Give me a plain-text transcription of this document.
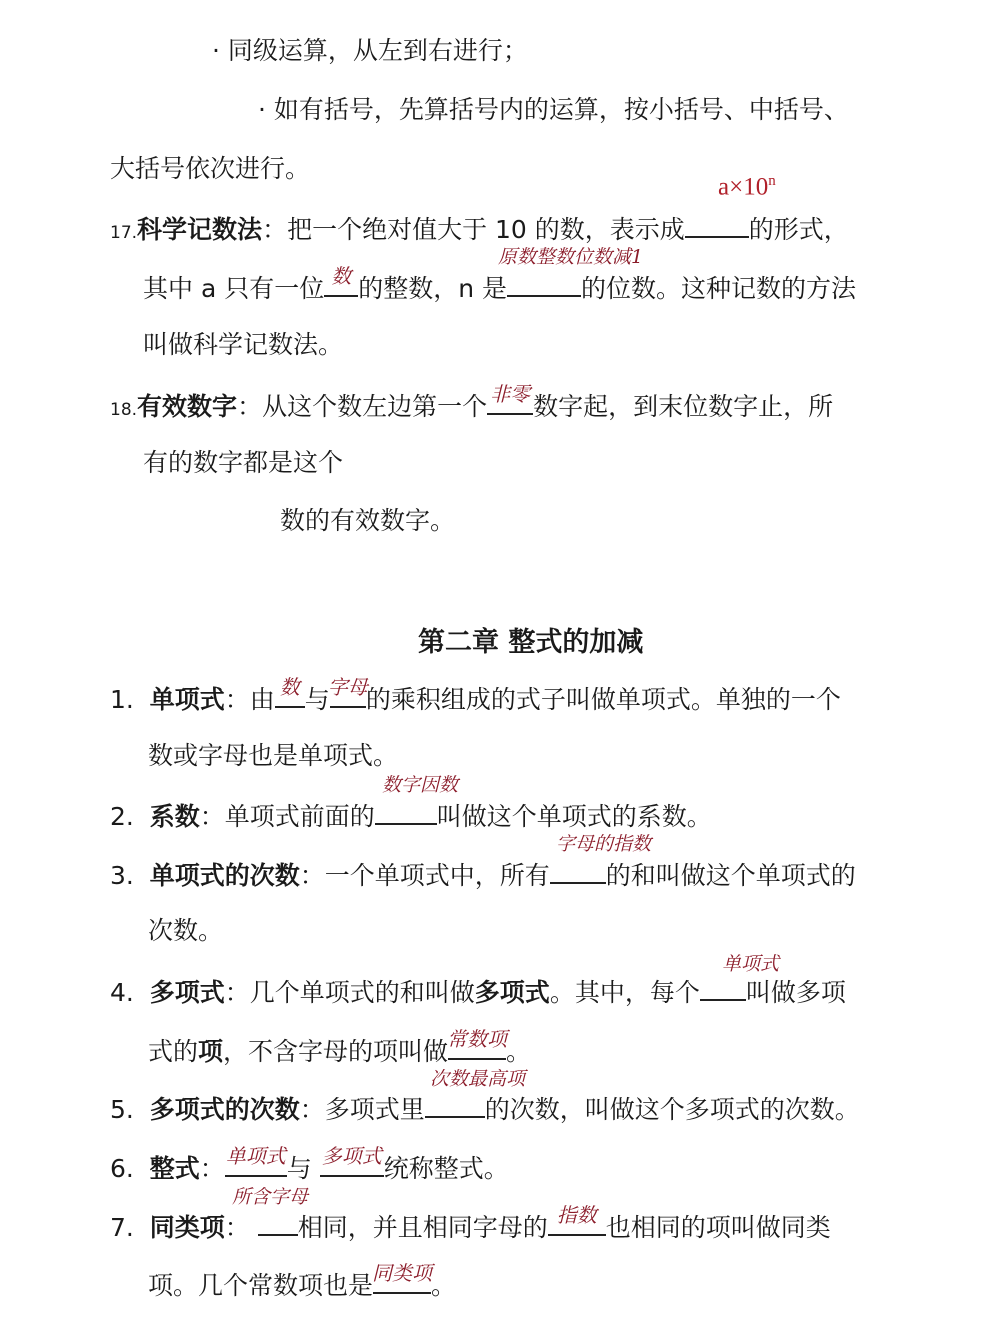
· 同级运算，从左到右进行；
· 如有括号，先算括号内的运算，按小括号、中括号、
大括号依次进行。
$a\times 10^n$
17.科学记数法：把一个绝对值大于 10 的数，表示成	的形式，
原数整数位数减1
其中 a 只有一位 数 的整数，n 是	的位数。这种记数的方法
叫做科学记数法。
18.有效数字：从这个数左边第一个 非零 数字起，到末位数字止，所
有的数字都是这个
数的有效数字。
第二章 整式的加减
1. 单项式：由 数 与
字母
的乘积组成的式子叫做单项式。单独的一个
数或字母也是单项式。
数字因数
2. 系数：单项式前面的 叫做这个单项式的系数。
字母的指数
3. 单项式的次数：一个单项式中，所有 的和叫做这个单项式的
次数。
单项式
4. 多项式：几个单项式的和叫做多项式。其中，每个 叫做多项
式的项，不含字母的项叫做 常数项 。
次数最高项
5. 多项式的次数：多项式里 的次数，叫做这个多项式的次数。
6. 整式： 单项式 与 多项式 统称整式。
所含字母
7. 同类项： 相同，并且相同字母的 指数 也相同的项叫做同类
项。几个常数项也是 同类项 。
